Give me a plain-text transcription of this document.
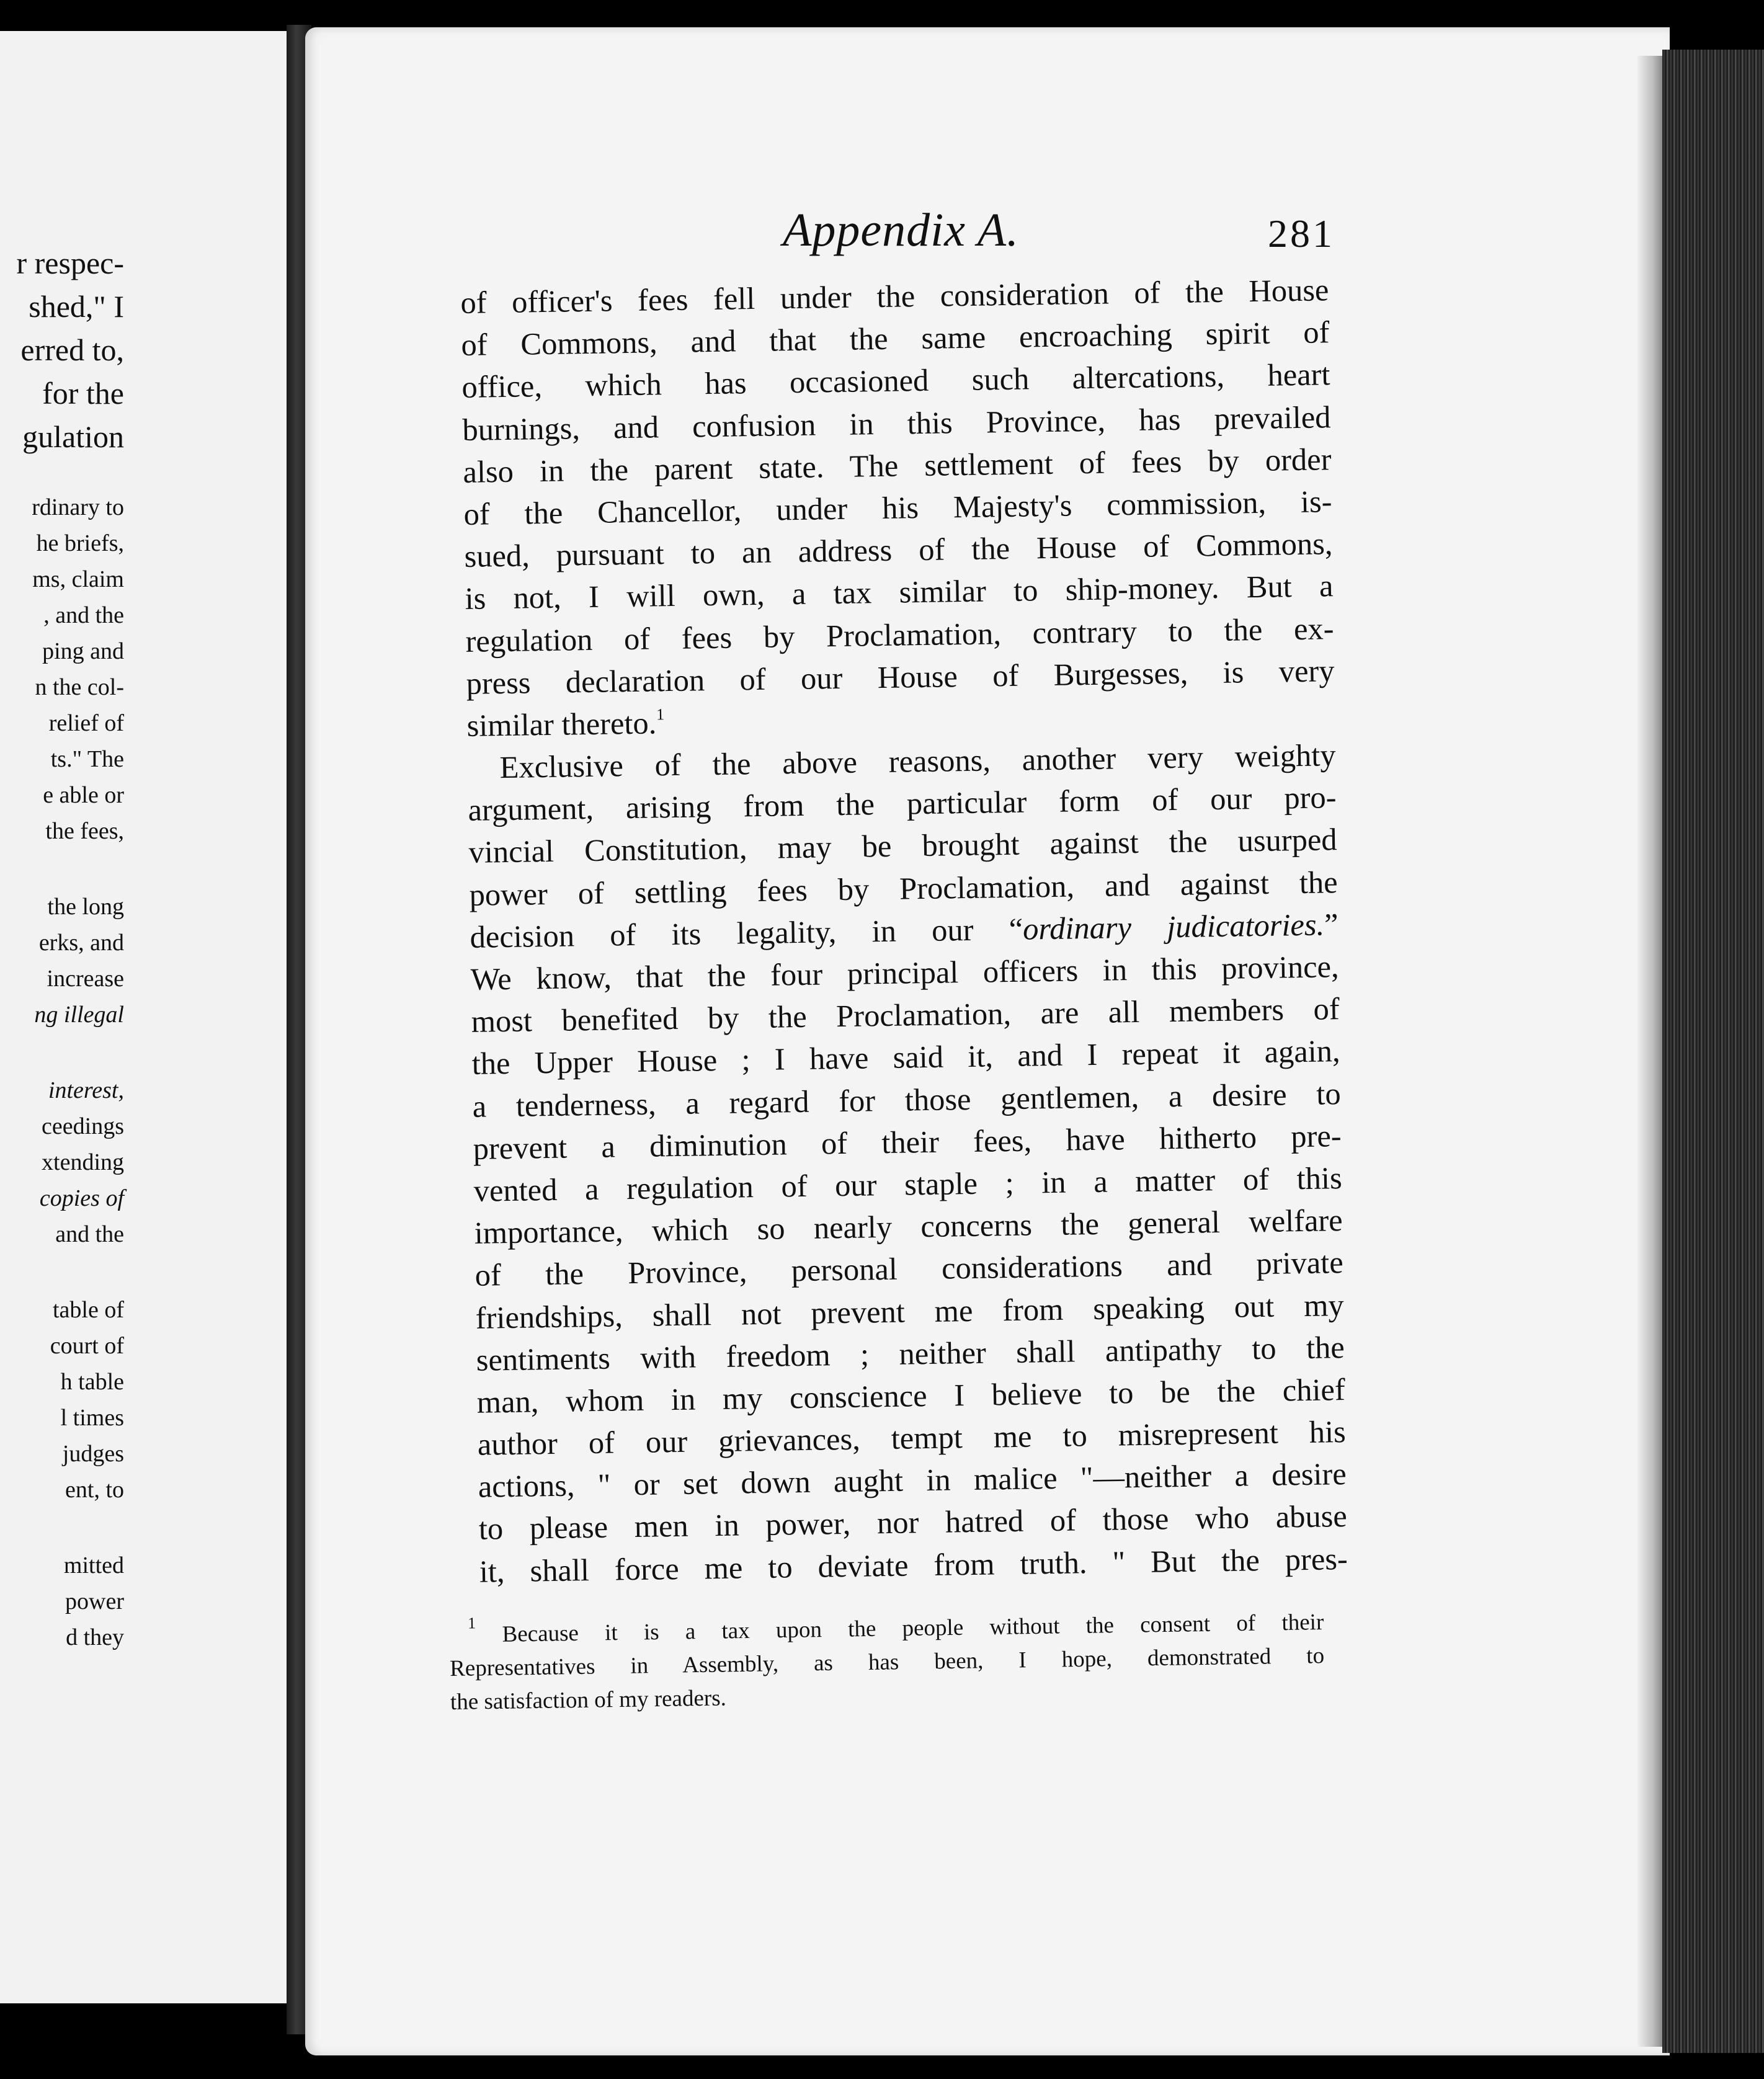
r respec-
shed," I
erred to,
for the
gulation
rdinary to
he briefs,
ms, claim
, and the
ping and
n the col-
relief of
ts." The
e able or
the fees,
the long
erks, and
increase
ng illegal
interest,
ceedings
xtending
copies of
and the
table of
court of
h table
l times
judges
ent, to
mitted
power
d they
Appendix A.	281
of officer's fees fell under the consideration of the House
of Commons, and that the same encroaching spirit of
office, which has occasioned such altercations, heart
burnings, and confusion in this Province, has prevailed
also in the parent state. The settlement of fees by order
of the Chancellor, under his Majesty's commission, is-
sued, pursuant to an address of the House of Commons,
is not, I will own, a tax similar to ship-money. But a
regulation of fees by Proclamation, contrary to the ex-
press declaration of our House of Burgesses, is very
similar thereto.$^1$
Exclusive of the above reasons, another very weighty
argument, arising from the particular form of our pro-
vincial Constitution, may be brought against the usurped
power of settling fees by Proclamation, and against the
decision of its legality, in our “ordinary judicatories.”
We know, that the four principal officers in this province,
most benefited by the Proclamation, are all members of
the Upper House ; I have said it, and I repeat it again,
a tenderness, a regard for those gentlemen, a desire to
prevent a diminution of their fees, have hitherto pre-
vented a regulation of our staple ; in a matter of this
importance, which so nearly concerns the general welfare
of the Province, personal considerations and private
friendships, shall not prevent me from speaking out my
sentiments with freedom ; neither shall antipathy to the
man, whom in my conscience I believe to be the chief
author of our grievances, tempt me to misrepresent his
actions, " or set down aught in malice "—neither a desire
to please men in power, nor hatred of those who abuse
it, shall force me to deviate from truth. " But the pres-
$^1$ Because it is a tax upon the people without the consent of their
Representatives in Assembly, as has been, I hope, demonstrated to
the satisfaction of my readers.
